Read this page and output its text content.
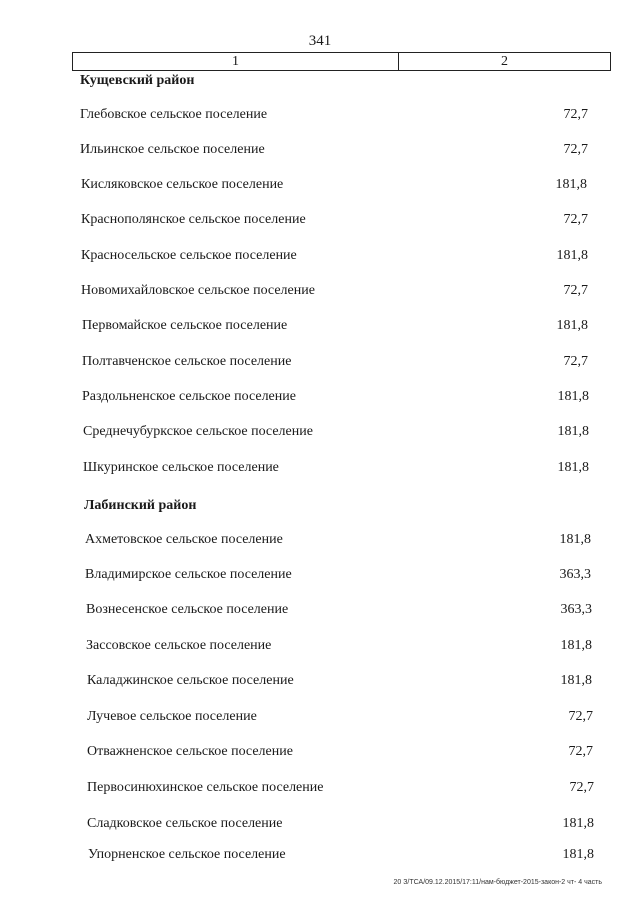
341
1	2
Кущевский район
Глебовское сельское поселение	72,7
Ильинское сельское поселение	72,7
Кисляковское сельское поселение	181,8
Краснополянское сельское поселение	72,7
Красносельское сельское поселение	181,8
Новомихайловское сельское поселение	72,7
Первомайское сельское поселение	181,8
Полтавченское сельское поселение	72,7
Раздольненское сельское поселение	181,8
Среднечубуркское сельское поселение	181,8
Шкуринское сельское поселение	181,8
Лабинский район
Ахметовское сельское поселение	181,8
Владимирское сельское поселение	363,3
Вознесенское сельское поселение	363,3
Зассовское сельское поселение	181,8
Каладжинское сельское поселение	181,8
Лучевое сельское поселение	72,7
Отважненское сельское поселение	72,7
Первосинюхинское сельское поселение	72,7
Сладковское сельское поселение	181,8
Упорненское сельское поселение	181,8
20 З/ТСА/09.12.2015/17:11/нам-бюджет-2015-закон-2 чт- 4 часть
